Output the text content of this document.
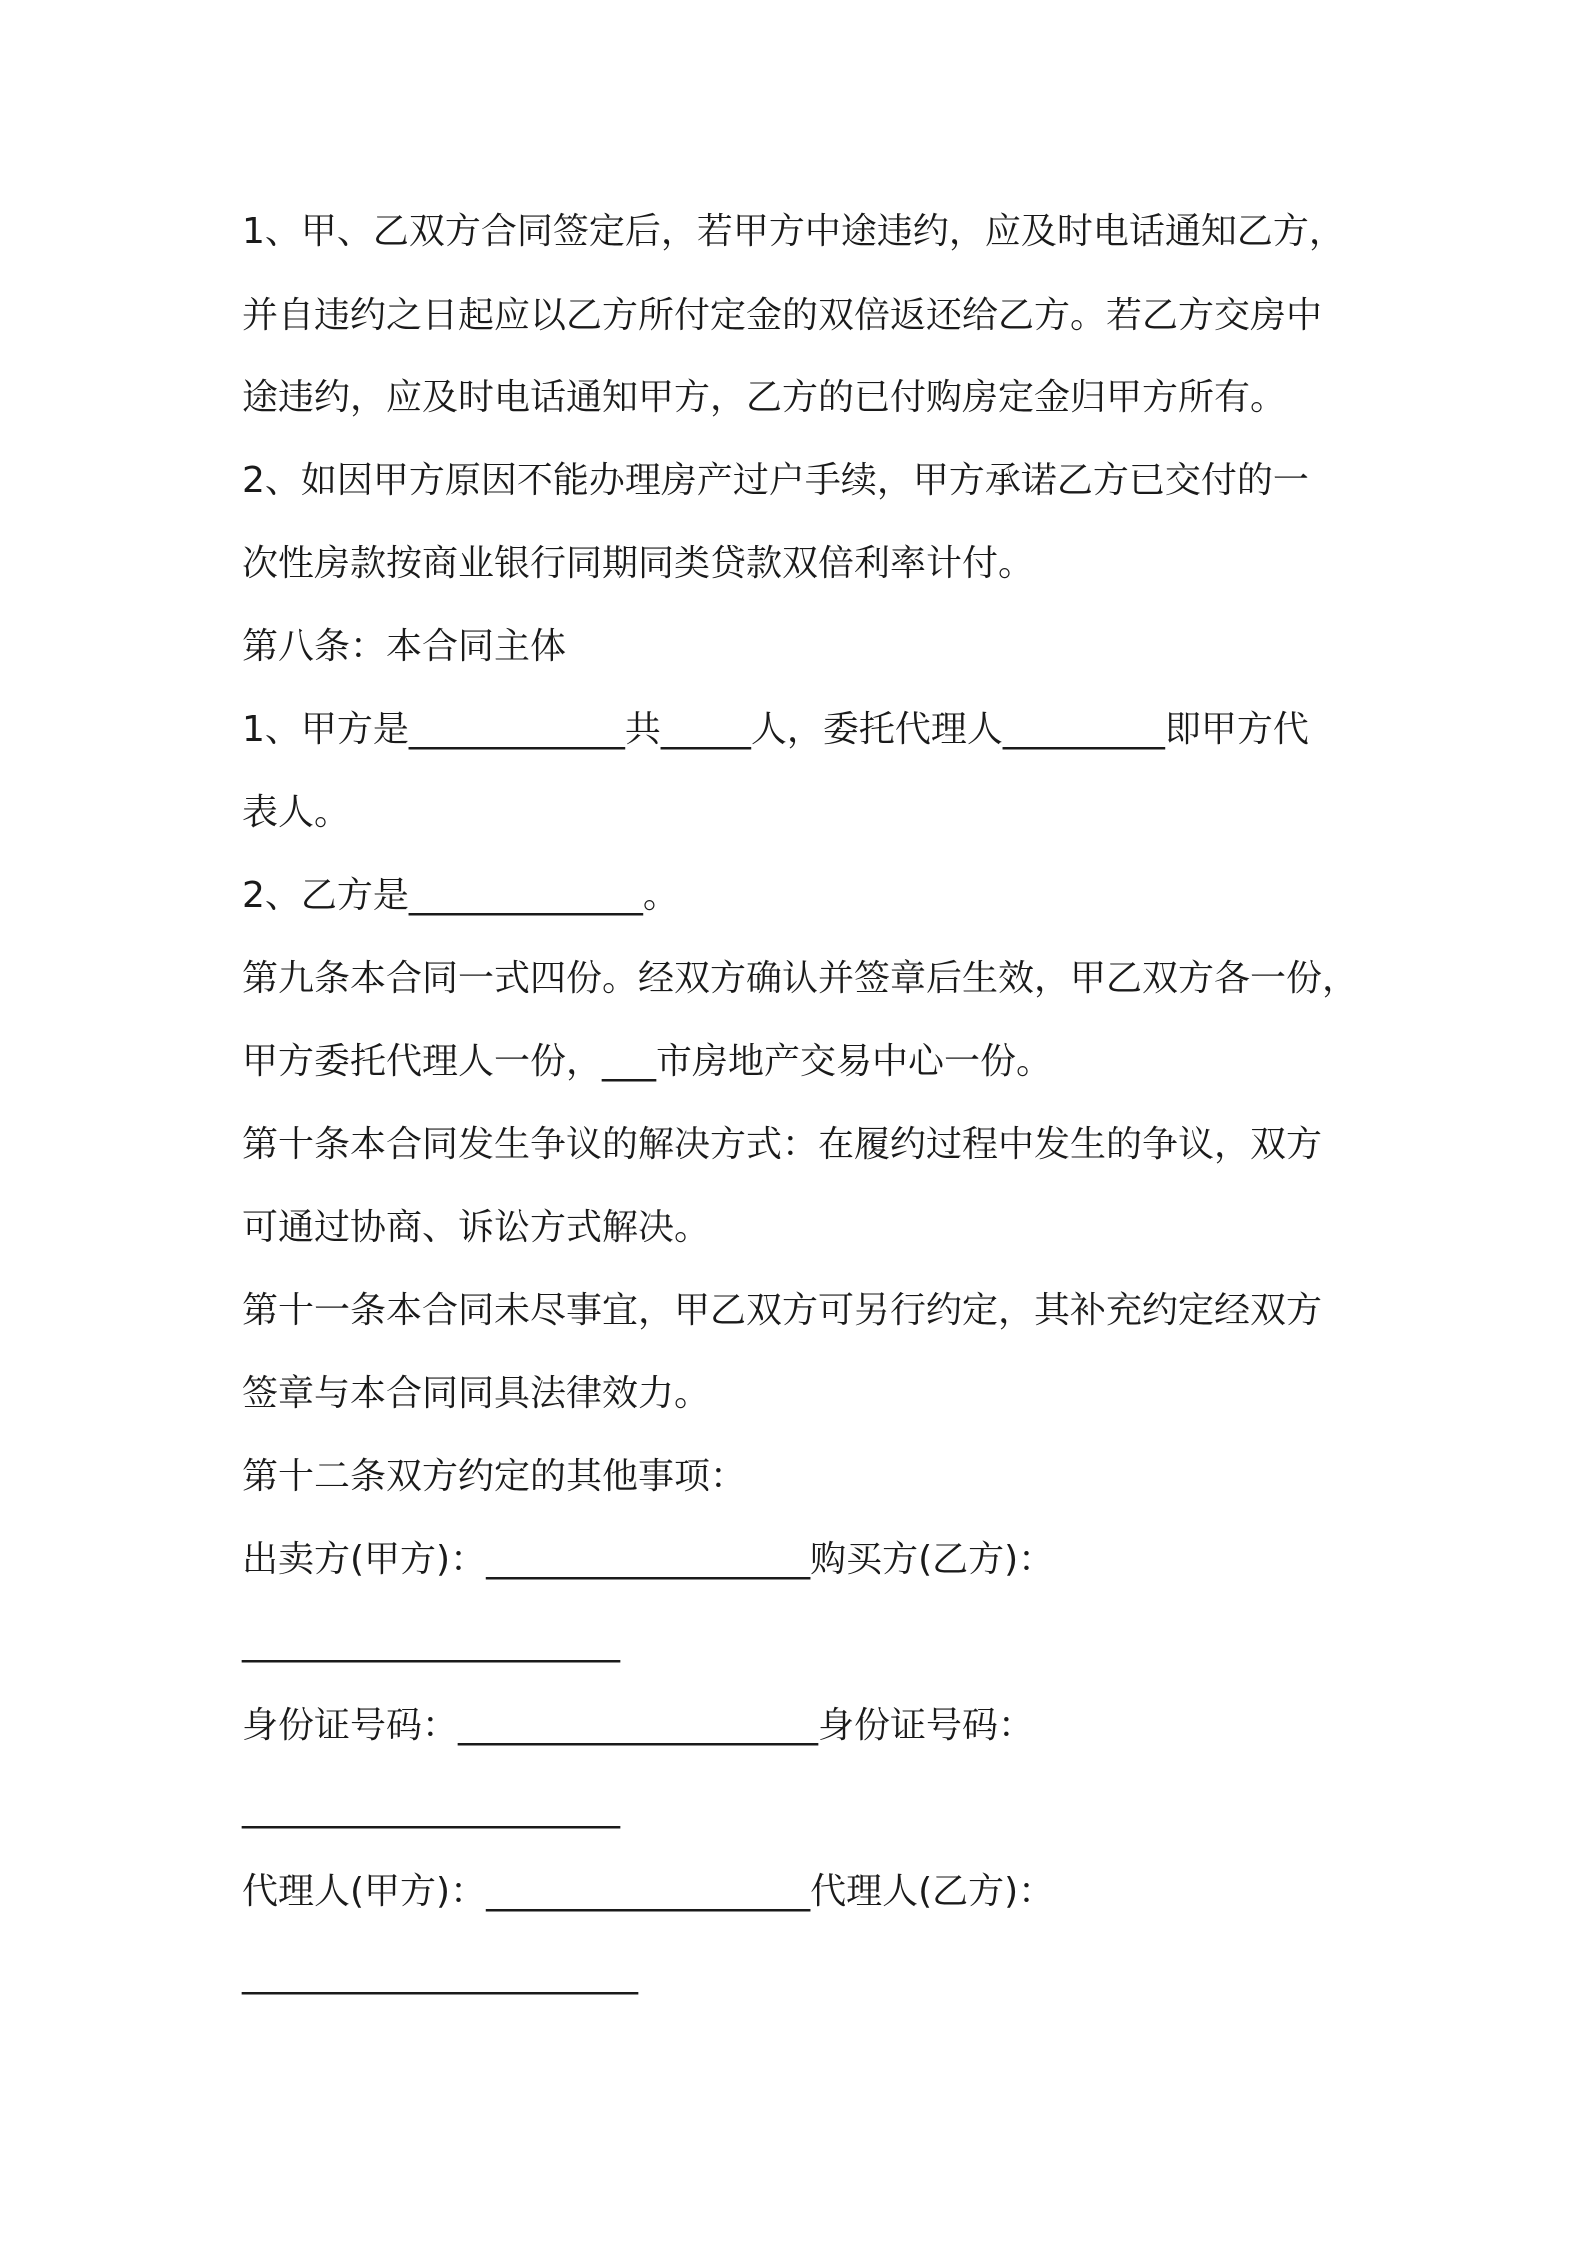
1、甲、乙双方合同签定后，若甲方中途违约，应及时电话通知乙方，
并自违约之日起应以乙方所付定金的双倍返还给乙方。若乙方交房中
途违约，应及时电话通知甲方，乙方的已付购房定金归甲方所有。
2、如因甲方原因不能办理房产过户手续，甲方承诺乙方已交付的一
次性房款按商业银行同期同类贷款双倍利率计付。
第八条：本合同主体
1、甲方是____________共_____人，委托代理人_________即甲方代
表人。
2、乙方是_____________。
第九条本合同一式四份。经双方确认并签章后生效，甲乙双方各一份，
甲方委托代理人一份，___市房地产交易中心一份。
第十条本合同发生争议的解决方式：在履约过程中发生的争议，双方
可通过协商、诉讼方式解决。
第十一条本合同未尽事宜，甲乙双方可另行约定，其补充约定经双方
签章与本合同同具法律效力。
第十二条双方约定的其他事项：
出卖方(甲方)：__________________购买方(乙方)：
_____________________
身份证号码：____________________身份证号码：
_____________________
代理人(甲方)：__________________代理人(乙方)：
______________________
